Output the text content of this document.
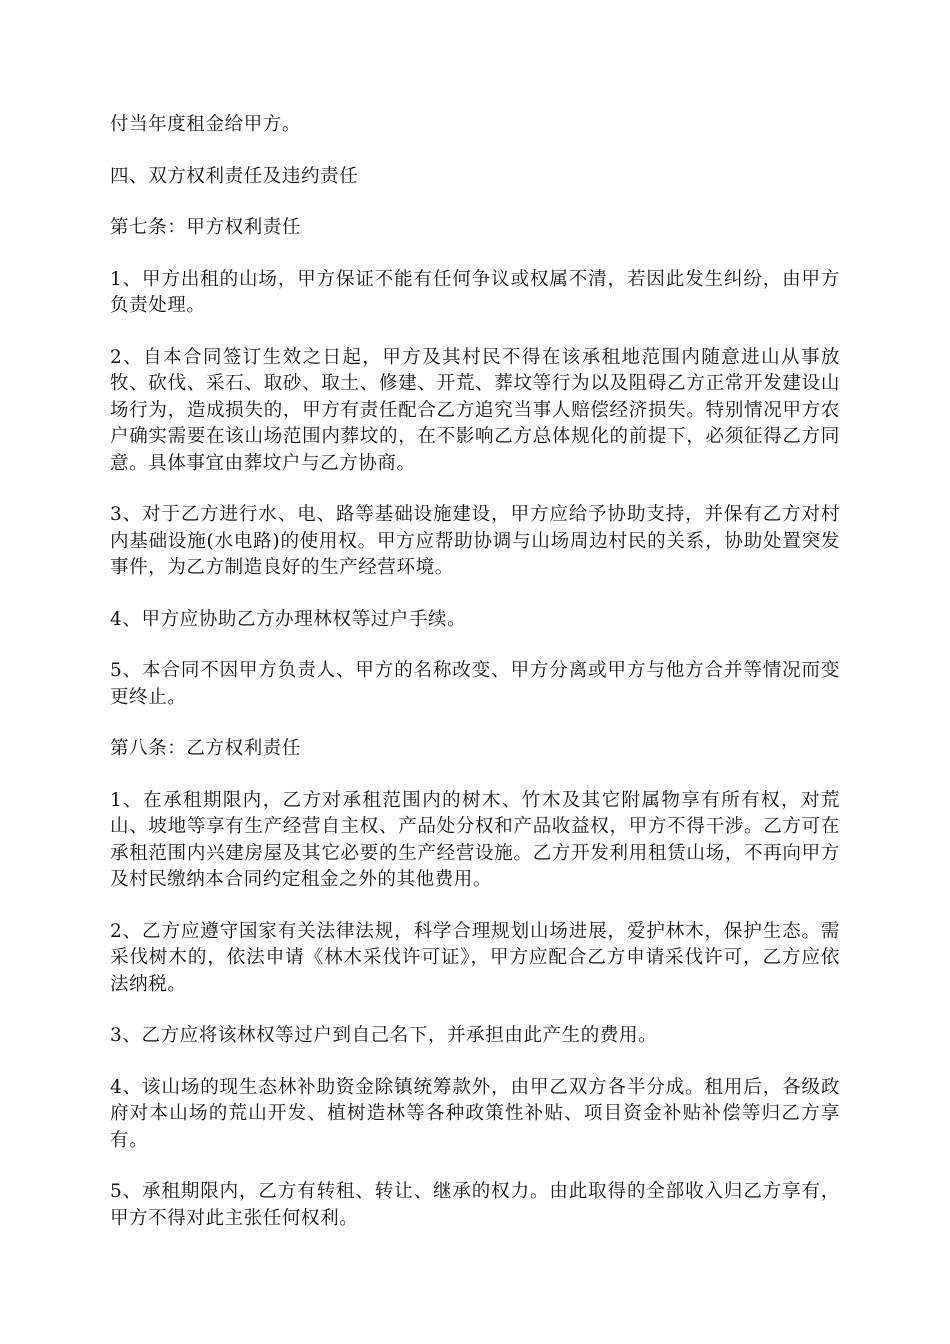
付当年度租金给甲方。

四、双方权利责任及违约责任

第七条：甲方权利责任

1、甲方出租的山场，甲方保证不能有任何争议或权属不清，若因此发生纠纷，由甲方负责处理。

2、自本合同签订生效之日起，甲方及其村民不得在该承租地范围内随意进山从事放牧、砍伐、采石、取砂、取土、修建、开荒、葬坟等行为以及阻碍乙方正常开发建设山场行为，造成损失的，甲方有责任配合乙方追究当事人赔偿经济损失。特别情况甲方农户确实需要在该山场范围内葬坟的，在不影响乙方总体规化的前提下，必须征得乙方同意。具体事宜由葬坟户与乙方协商。

3、对于乙方进行水、电、路等基础设施建设，甲方应给予协助支持，并保有乙方对村内基础设施(水电路)的使用权。甲方应帮助协调与山场周边村民的关系，协助处置突发事件，为乙方制造良好的生产经营环境。

4、甲方应协助乙方办理林权等过户手续。

5、本合同不因甲方负责人、甲方的名称改变、甲方分离或甲方与他方合并等情况而变更终止。

第八条：乙方权利责任

1、在承租期限内，乙方对承租范围内的树木、竹木及其它附属物享有所有权，对荒山、坡地等享有生产经营自主权、产品处分权和产品收益权，甲方不得干涉。乙方可在承租范围内兴建房屋及其它必要的生产经营设施。乙方开发利用租赁山场，不再向甲方及村民缴纳本合同约定租金之外的其他费用。

2、乙方应遵守国家有关法律法规，科学合理规划山场进展，爱护林木，保护生态。需采伐树木的，依法申请《林木采伐许可证》，甲方应配合乙方申请采伐许可，乙方应依法纳税。

3、乙方应将该林权等过户到自己名下，并承担由此产生的费用。

4、该山场的现生态林补助资金除镇统筹款外，由甲乙双方各半分成。租用后，各级政府对本山场的荒山开发、植树造林等各种政策性补贴、项目资金补贴补偿等归乙方享有。

5、承租期限内，乙方有转租、转让、继承的权力。由此取得的全部收入归乙方享有，甲方不得对此主张任何权利。
